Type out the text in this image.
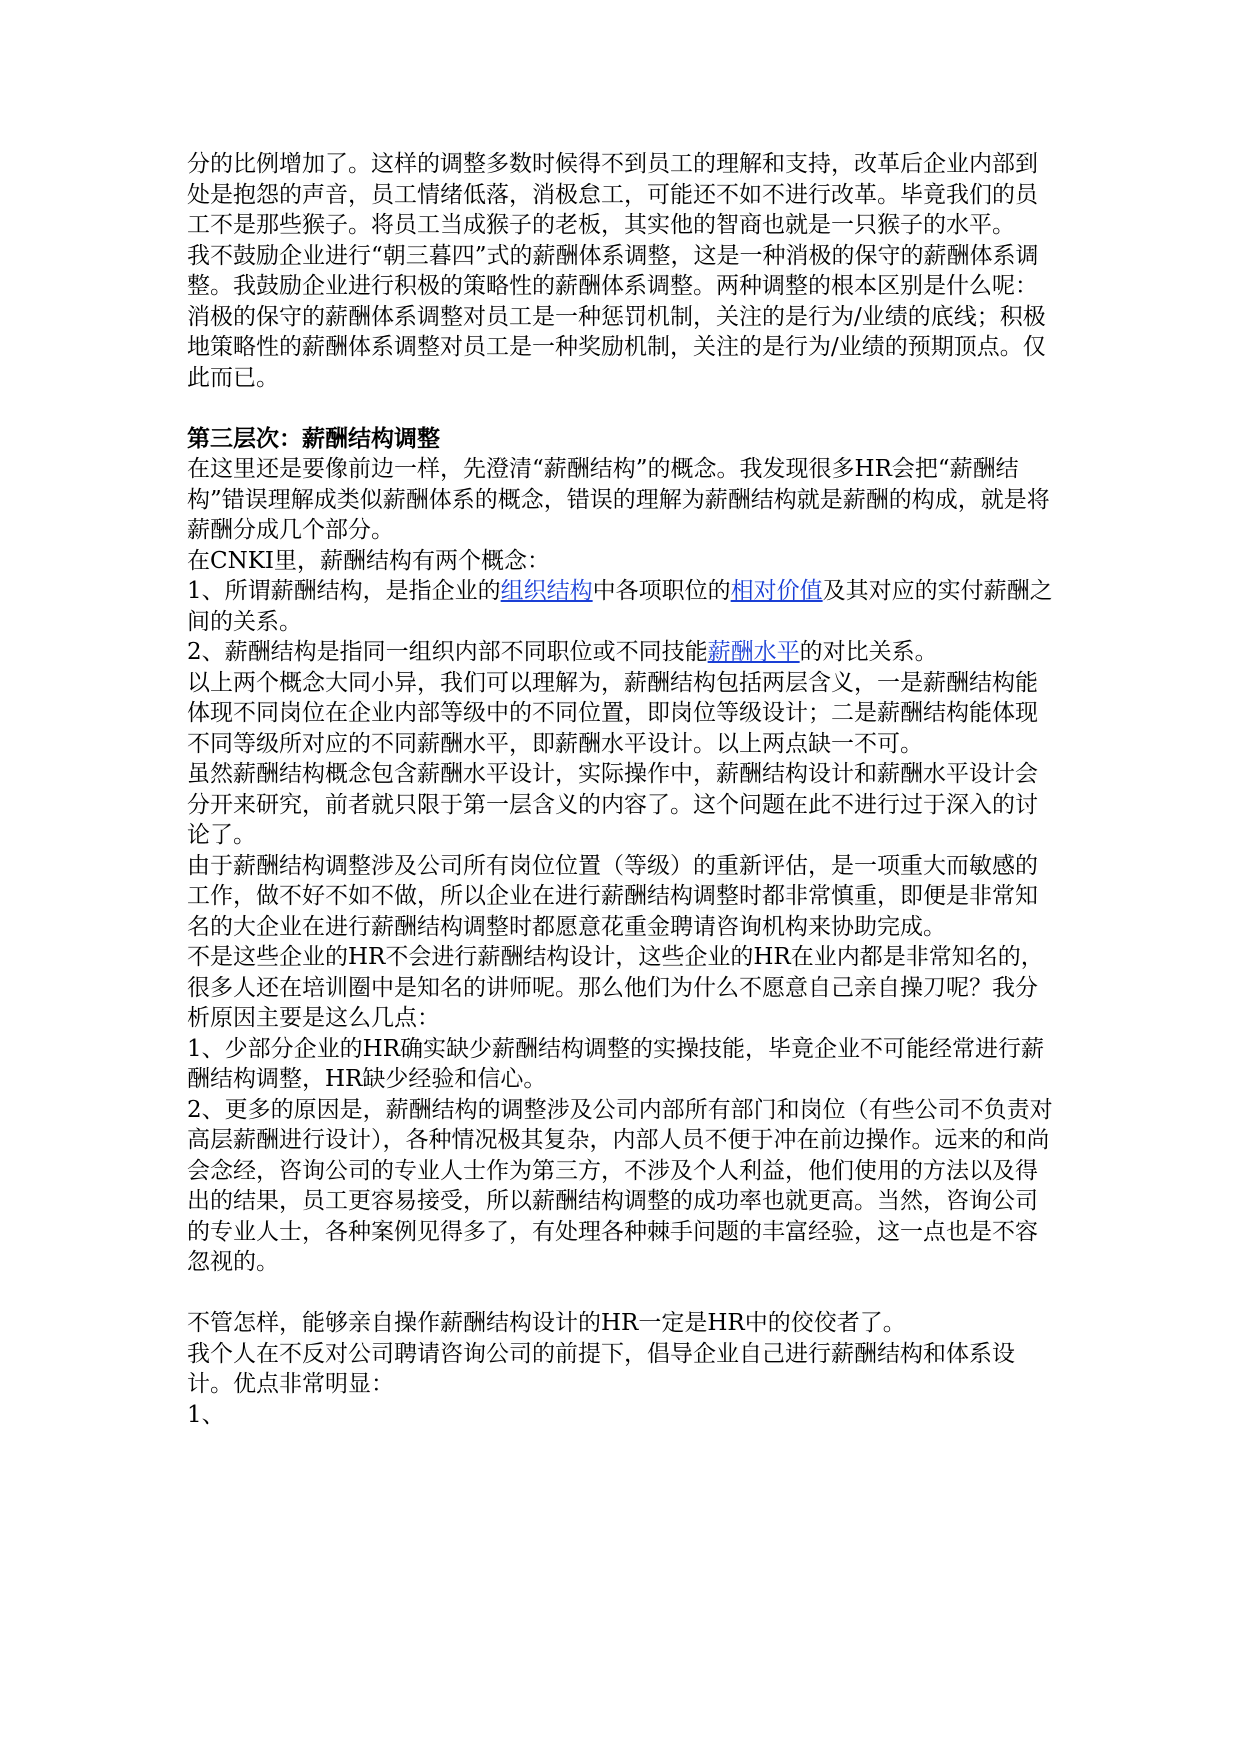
分的比例增加了。这样的调整多数时候得不到员工的理解和支持，改革后企业内部到处是抱怨的声音，员工情绪低落，消极怠工，可能还不如不进行改革。毕竟我们的员工不是那些猴子。将员工当成猴子的老板，其实他的智商也就是一只猴子的水平。

我不鼓励企业进行“朝三暮四”式的薪酬体系调整，这是一种消极的保守的薪酬体系调整。我鼓励企业进行积极的策略性的薪酬体系调整。两种调整的根本区别是什么呢：消极的保守的薪酬体系调整对员工是一种惩罚机制，关注的是行为/业绩的底线；积极地策略性的薪酬体系调整对员工是一种奖励机制，关注的是行为/业绩的预期顶点。仅此而已。

第三层次：薪酬结构调整

在这里还是要像前边一样，先澄清“薪酬结构”的概念。我发现很多HR会把“薪酬结构”错误理解成类似薪酬体系的概念，错误的理解为薪酬结构就是薪酬的构成，就是将薪酬分成几个部分。

在CNKI里，薪酬结构有两个概念：

1、所谓薪酬结构，是指企业的组织结构中各项职位的相对价值及其对应的实付薪酬之间的关系。

2、薪酬结构是指同一组织内部不同职位或不同技能薪酬水平的对比关系。

以上两个概念大同小异，我们可以理解为，薪酬结构包括两层含义，一是薪酬结构能体现不同岗位在企业内部等级中的不同位置，即岗位等级设计；二是薪酬结构能体现不同等级所对应的不同薪酬水平，即薪酬水平设计。以上两点缺一不可。

虽然薪酬结构概念包含薪酬水平设计，实际操作中，薪酬结构设计和薪酬水平设计会分开来研究，前者就只限于第一层含义的内容了。这个问题在此不进行过于深入的讨论了。

由于薪酬结构调整涉及公司所有岗位位置（等级）的重新评估，是一项重大而敏感的工作，做不好不如不做，所以企业在进行薪酬结构调整时都非常慎重，即便是非常知名的大企业在进行薪酬结构调整时都愿意花重金聘请咨询机构来协助完成。

不是这些企业的HR不会进行薪酬结构设计，这些企业的HR在业内都是非常知名的，很多人还在培训圈中是知名的讲师呢。那么他们为什么不愿意自己亲自操刀呢？我分析原因主要是这么几点：

1、少部分企业的HR确实缺少薪酬结构调整的实操技能，毕竟企业不可能经常进行薪酬结构调整，HR缺少经验和信心。

2、更多的原因是，薪酬结构的调整涉及公司内部所有部门和岗位（有些公司不负责对高层薪酬进行设计），各种情况极其复杂，内部人员不便于冲在前边操作。远来的和尚会念经，咨询公司的专业人士作为第三方，不涉及个人利益，他们使用的方法以及得出的结果，员工更容易接受，所以薪酬结构调整的成功率也就更高。当然，咨询公司的专业人士，各种案例见得多了，有处理各种棘手问题的丰富经验，这一点也是不容忽视的。

不管怎样，能够亲自操作薪酬结构设计的HR一定是HR中的佼佼者了。

我个人在不反对公司聘请咨询公司的前提下，倡导企业自己进行薪酬结构和体系设计。优点非常明显：

1、
